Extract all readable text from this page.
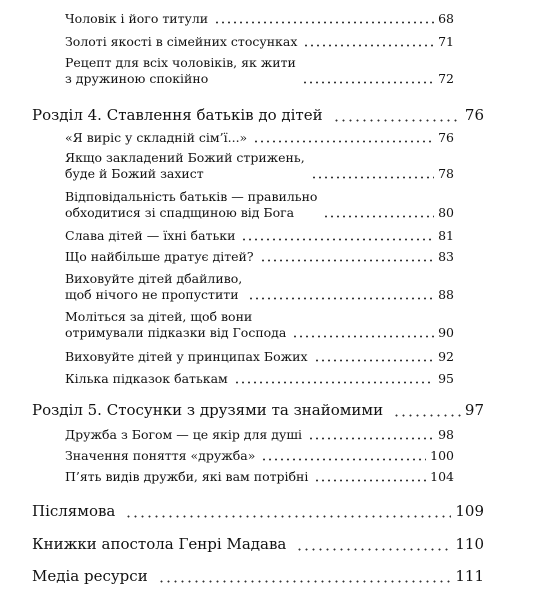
Чоловік і його титули	68
Золоті якості в сімейних стосунках	71
Рецепт для всіх чоловіків, як жити
з дружиною спокійно	72
Розділ 4. Ставлення батьків до дітей	76
«Я виріс у складній сім’ї...»	76
Якщо закладений Божий стрижень,
буде й Божий захист	78
Відповідальність батьків — правильно
обходитися зі спадщиною від Бога	80
Слава дітей — їхні батьки	81
Що найбільше дратує дітей?	83
Виховуйте дітей дбайливо,
щоб нічого не пропустити	88
Моліться за дітей, щоб вони
отримували підказки від Господа	90
Виховуйте дітей у принципах Божих	92
Кілька підказок батькам	95
Розділ 5. Стосунки з друзями та знайомими	97
Дружба з Богом — це якір для душі	98
Значення поняття «дружба»	100
П’ять видів дружби, які вам потрібні	104
Післямова	109
Книжки апостола Генрі Мадава	110
Медіа ресурси	111
